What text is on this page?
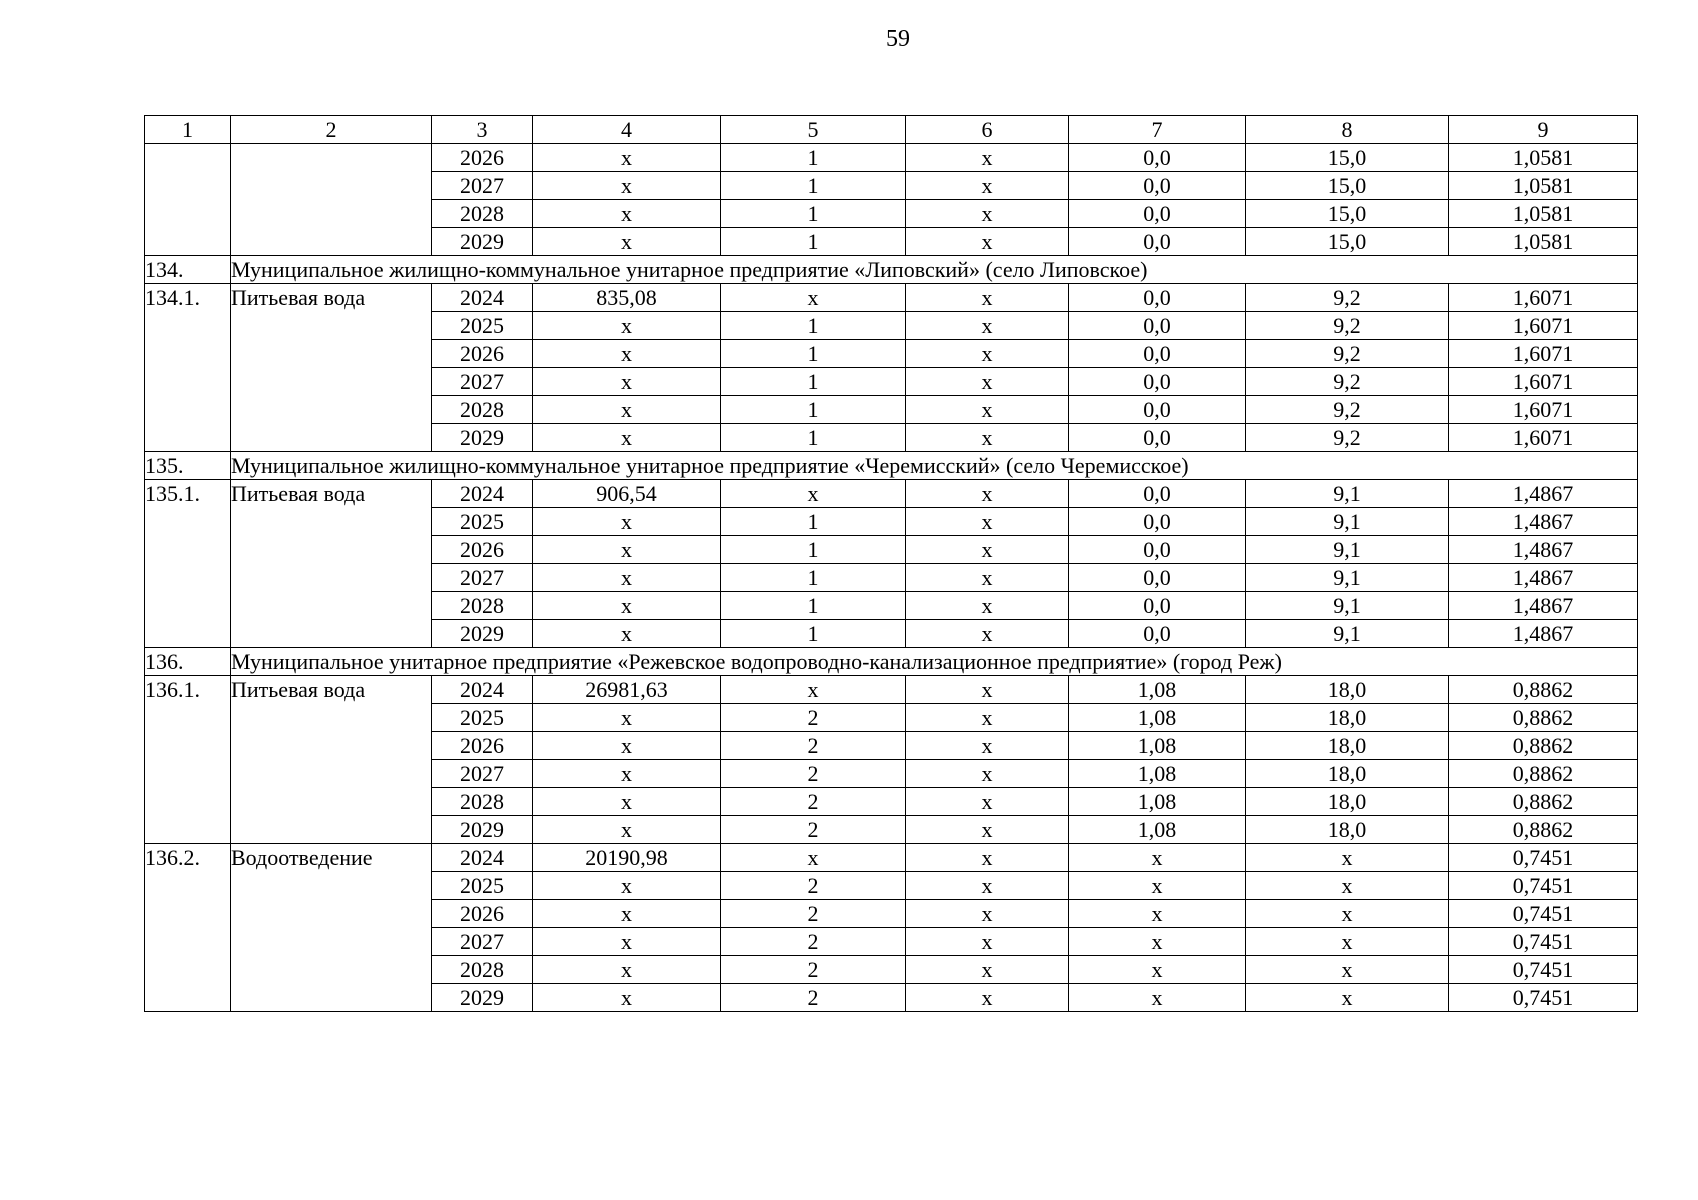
59
1	2	3	4	5	6	7	8	9
		2026	x	1	x	0,0	15,0	1,0581
		2027	x	1	x	0,0	15,0	1,0581
		2028	x	1	x	0,0	15,0	1,0581
		2029	x	1	x	0,0	15,0	1,0581
134.	Муниципальное жилищно-коммунальное унитарное предприятие «Липовский» (село Липовское)							
134.1.	Питьевая вода	2024	835,08	x	x	0,0	9,2	1,6071
		2025	x	1	x	0,0	9,2	1,6071
		2026	x	1	x	0,0	9,2	1,6071
		2027	x	1	x	0,0	9,2	1,6071
		2028	x	1	x	0,0	9,2	1,6071
		2029	x	1	x	0,0	9,2	1,6071
135.	Муниципальное жилищно-коммунальное унитарное предприятие «Черемисский» (село Черемисское)							
135.1.	Питьевая вода	2024	906,54	x	x	0,0	9,1	1,4867
		2025	x	1	x	0,0	9,1	1,4867
		2026	x	1	x	0,0	9,1	1,4867
		2027	x	1	x	0,0	9,1	1,4867
		2028	x	1	x	0,0	9,1	1,4867
		2029	x	1	x	0,0	9,1	1,4867
136.	Муниципальное унитарное предприятие «Режевское водопроводно-канализационное предприятие» (город Реж)							
136.1.	Питьевая вода	2024	26981,63	x	x	1,08	18,0	0,8862
		2025	x	2	x	1,08	18,0	0,8862
		2026	x	2	x	1,08	18,0	0,8862
		2027	x	2	x	1,08	18,0	0,8862
		2028	x	2	x	1,08	18,0	0,8862
		2029	x	2	x	1,08	18,0	0,8862
136.2.	Водоотведение	2024	20190,98	x	x	x	x	0,7451
		2025	x	2	x	x	x	0,7451
		2026	x	2	x	x	x	0,7451
		2027	x	2	x	x	x	0,7451
		2028	x	2	x	x	x	0,7451
		2029	x	2	x	x	x	0,7451
